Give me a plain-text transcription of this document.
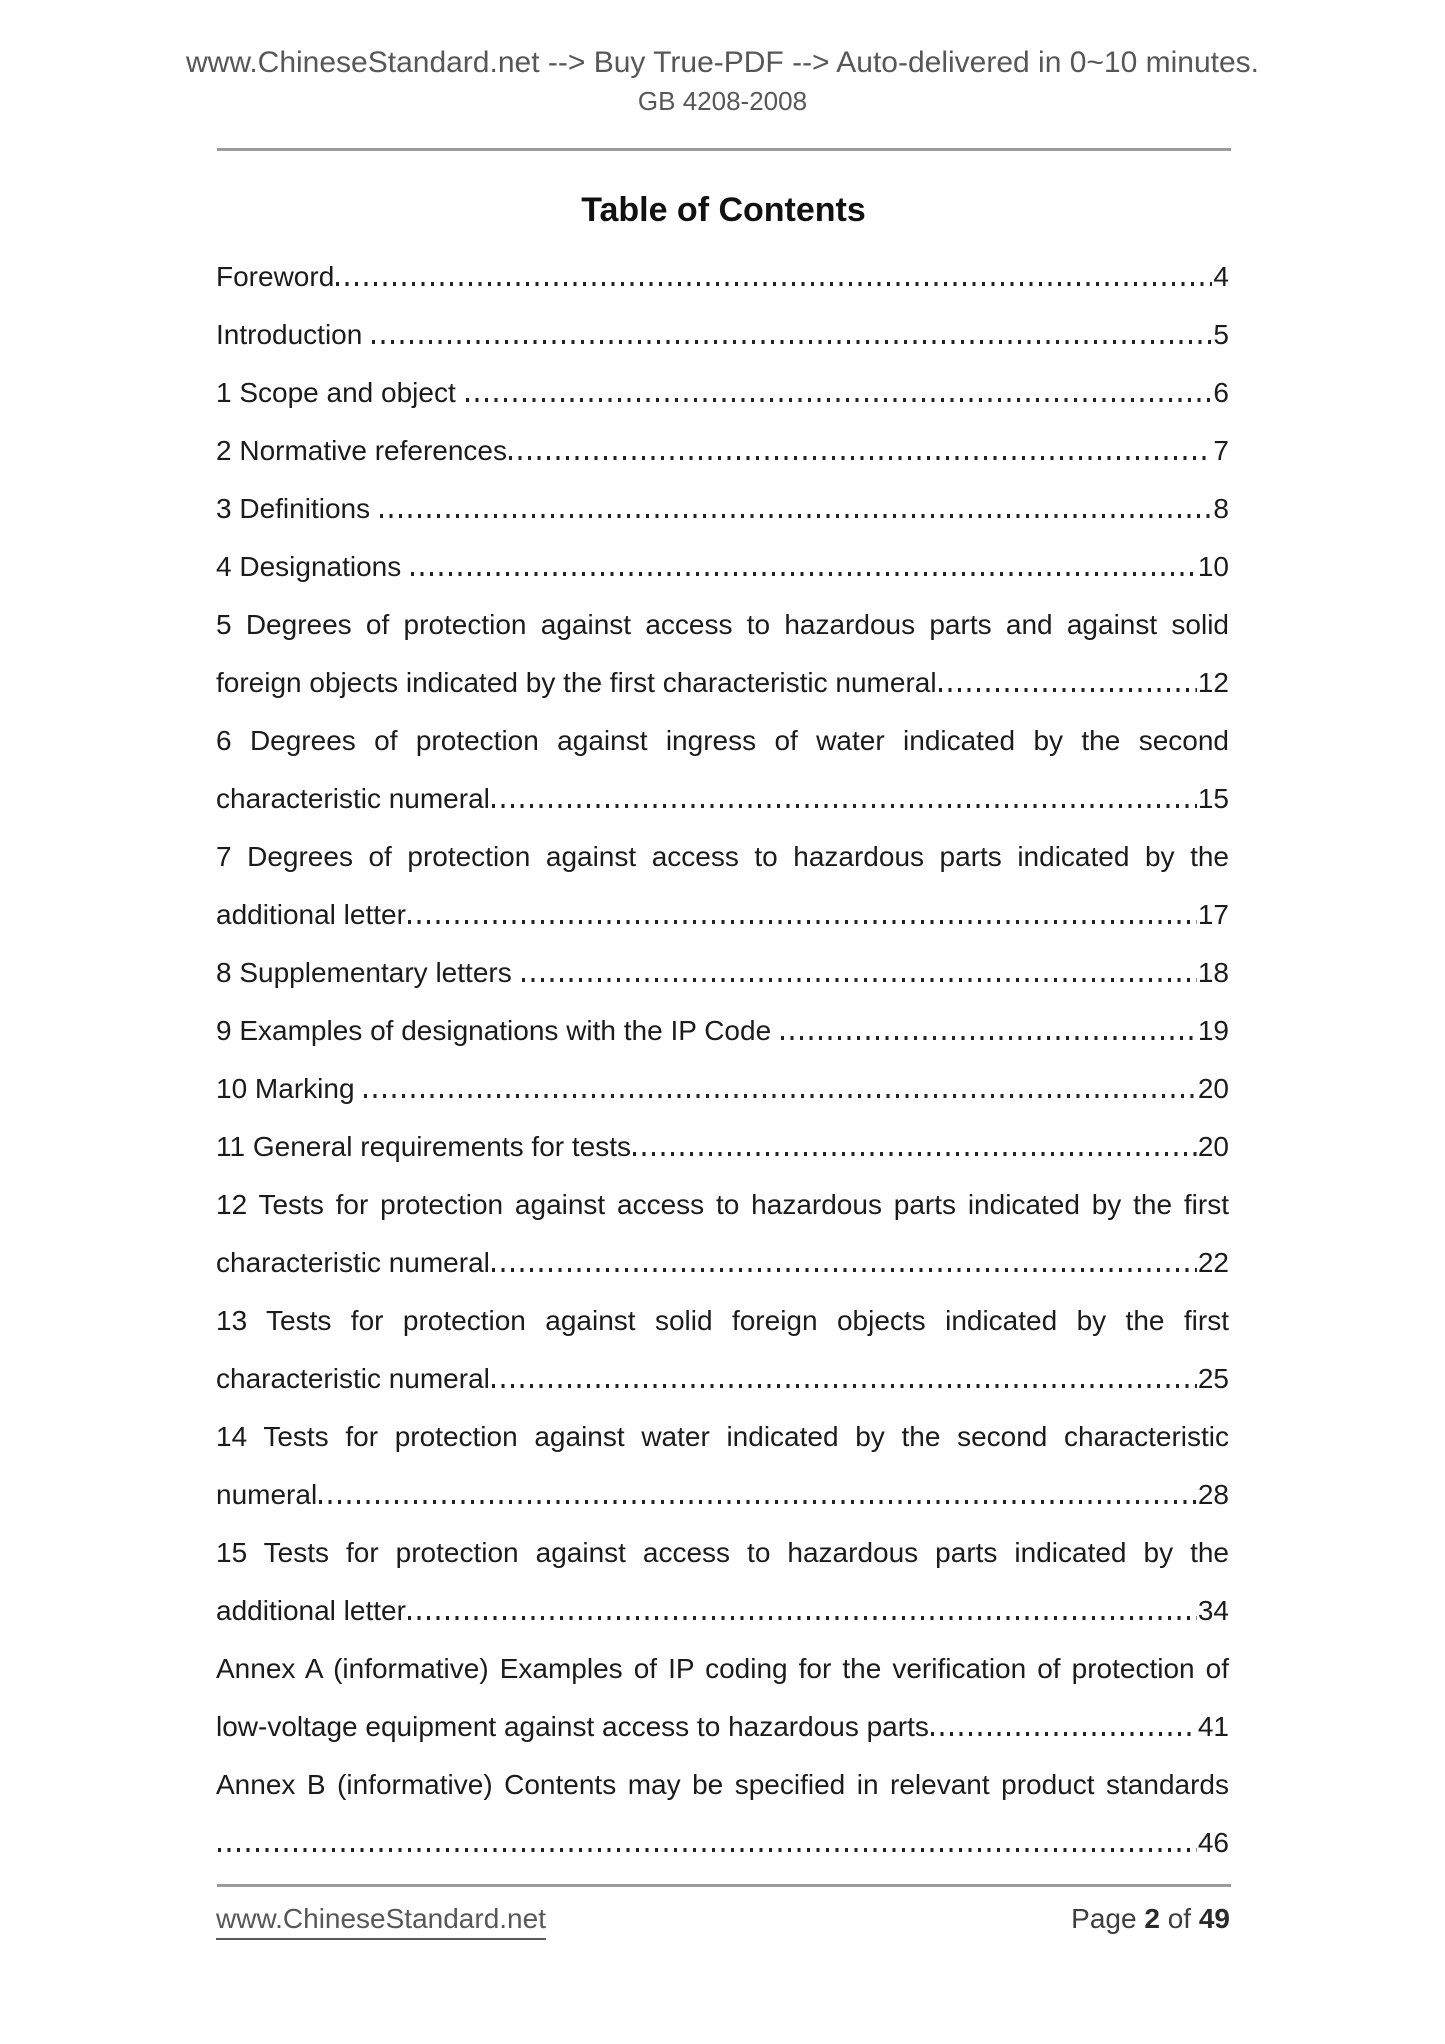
www.ChineseStandard.net --> Buy True-PDF --> Auto-delivered in 0~10 minutes.
GB 4208-2008
Table of Contents
Foreword	4
Introduction	5
1 Scope and object	6
2 Normative references	7
3 Definitions	8
4 Designations	10
5 Degrees of protection against access to hazardous parts and against solid
foreign objects indicated by the first characteristic numeral	12
6 Degrees of protection against ingress of water indicated by the second
characteristic numeral	15
7 Degrees of protection against access to hazardous parts indicated by the
additional letter	17
8 Supplementary letters	18
9 Examples of designations with the IP Code	19
10 Marking	20
11 General requirements for tests	20
12 Tests for protection against access to hazardous parts indicated by the first
characteristic numeral	22
13 Tests for protection against solid foreign objects indicated by the first
characteristic numeral	25
14 Tests for protection against water indicated by the second characteristic
numeral	28
15 Tests for protection against access to hazardous parts indicated by the
additional letter	34
Annex A (informative) Examples of IP coding for the verification of protection of
low-voltage equipment against access to hazardous parts	41
Annex B (informative) Contents may be specified in relevant product standards
46
www.ChineseStandard.net	Page 2 of 49
